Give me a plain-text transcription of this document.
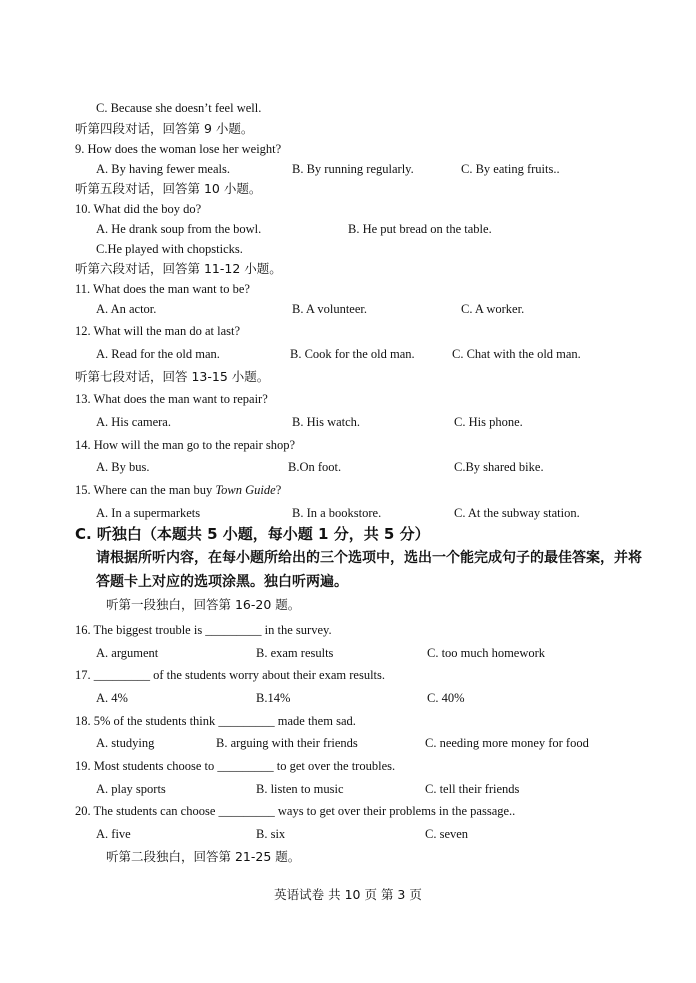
C. Because she doesn’t feel well.
听第四段对话，回答第 9 小题。
9. How does the woman lose her weight?
A. By having fewer meals.	B. By running regularly.	C. By eating fruits..
听第五段对话，回答第 10 小题。
10. What did the boy do?
A. He drank soup from the bowl.	B. He put bread on the table.
C.He played with chopsticks.
听第六段对话，回答第 11-12 小题。
11. What does the man want to be?
A. An actor.	B. A volunteer.	C. A worker.
12. What will the man do at last?
A. Read for the old man.	B. Cook for the old man.	C. Chat with the old man.
听第七段对话，回答 13-15 小题。
13. What does the man want to repair?
A. His camera.	B. His watch.	C. His phone.
14. How will the man go to the repair shop?
A. By bus.	B.On foot.	C.By shared bike.
15. Where can the man buy Town Guide?
A. In a supermarkets	B. In a bookstore.	C. At the subway station.
C. 听独白（本题共 5 小题，每小题 1 分，共 5 分）
请根据所听内容，在每小题所给出的三个选项中，选出一个能完成句子的最佳答案，并将
答题卡上对应的选项涂黑。独白听两遍。
听第一段独白，回答第 16-20 题。
16. The biggest trouble is _________ in the survey.
A. argument	B. exam results	C. too much homework
17. _________ of the students worry about their exam results.
A. 4%	B.14%	C. 40%
18. 5% of the students think _________ made them sad.
A. studying	B. arguing with their friends	C. needing more money for food
19. Most students choose to _________ to get over the troubles.
A. play sports	B. listen to music	C. tell their friends
20. The students can choose _________ ways to get over their problems in the passage..
A. five	B. six	C. seven
听第二段独白，回答第 21-25 题。
英语试卷 共 10 页 第 3 页
